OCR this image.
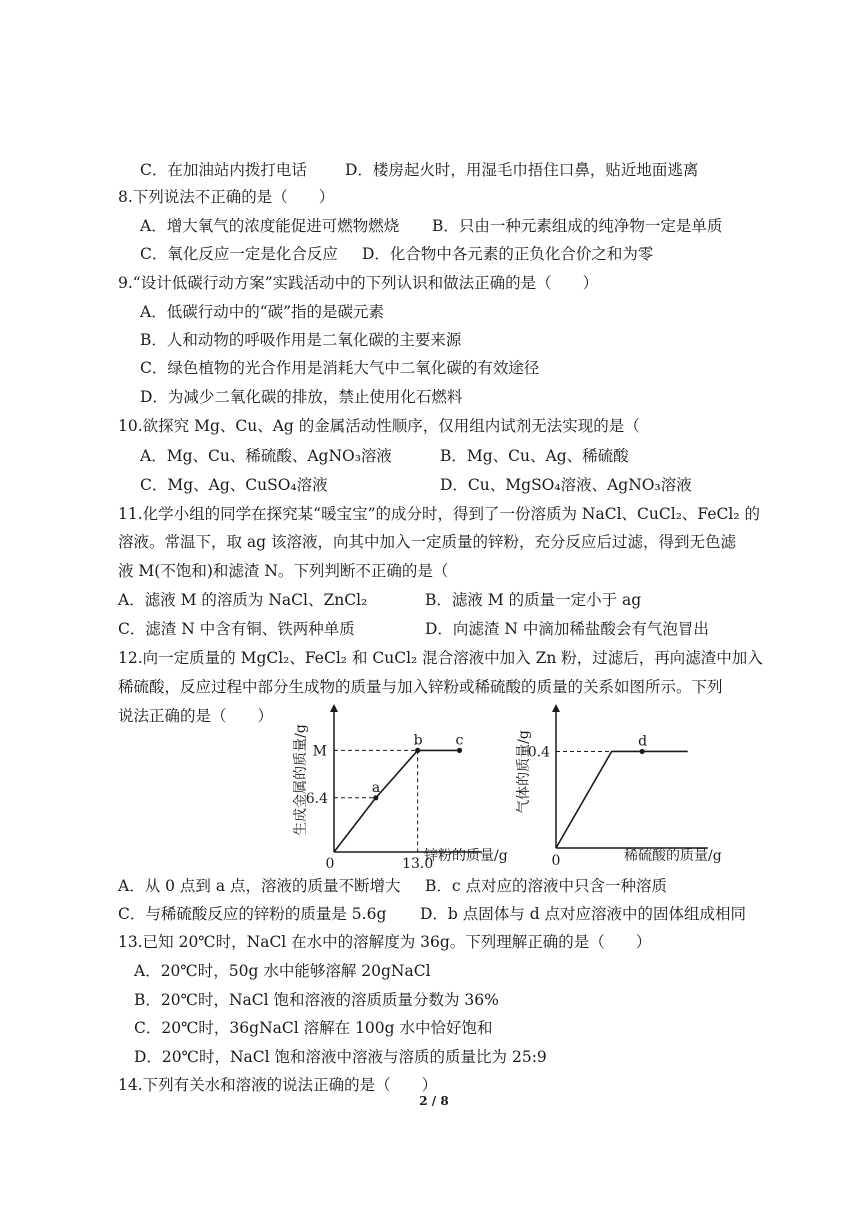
C．在加油站内拨打电话 D．楼房起火时，用湿毛巾捂住口鼻，贴近地面逃离
8.下列说法不正确的是（　　）
A．增大氧气的浓度能促进可燃物燃烧 B．只由一种元素组成的纯净物一定是单质
C．氧化反应一定是化合反应 D．化合物中各元素的正负化合价之和为零
9.“设计低碳行动方案”实践活动中的下列认识和做法正确的是（　　）
A．低碳行动中的“碳”指的是碳元素
B．人和动物的呼吸作用是二氧化碳的主要来源
C．绿色植物的光合作用是消耗大气中二氧化碳的有效途径
D．为减少二氧化碳的排放，禁止使用化石燃料
10.欲探究 Mg、Cu、Ag 的金属活动性顺序，仅用组内试剂无法实现的是（
A．Mg、Cu、稀硫酸、AgNO₃溶液	B．Mg、Cu、Ag、稀硫酸
C．Mg、Ag、CuSO₄溶液	D．Cu、MgSO₄溶液、AgNO₃溶液
11.化学小组的同学在探究某“暖宝宝”的成分时，得到了一份溶质为 NaCl、CuCl₂、FeCl₂ 的
溶液。常温下，取 ag 该溶液，向其中加入一定质量的锌粉，充分反应后过滤，得到无色滤
液 M(不饱和)和滤渣 N。下列判断不正确的是（
A．滤液 M 的溶质为 NaCl、ZnCl₂	B．滤液 M 的质量一定小于 ag
C．滤渣 N 中含有铜、铁两种单质	D．向滤渣 N 中滴加稀盐酸会有气泡冒出
12.向一定质量的 MgCl₂、FeCl₂ 和 CuCl₂ 混合溶液中加入 Zn 粉，过滤后，再向滤渣中加入
稀硫酸，反应过程中部分生成物的质量与加入锌粉或稀硫酸的质量的关系如图所示。下列
说法正确的是（　　）
a
b c
M
6.4
13.0
生成金属的质量/g
0	锌粉的质量/g
d
0.4
气体的质量/g
0	稀硫酸的质量/g
A．从 0 点到 a 点，溶液的质量不断增大 B．c 点对应的溶液中只含一种溶质
C．与稀硫酸反应的锌粉的质量是 5.6g D．b 点固体与 d 点对应溶液中的固体组成相同
13.已知 20℃时，NaCl 在水中的溶解度为 36g。下列理解正确的是（　　）
A．20℃时，50g 水中能够溶解 20gNaCl
B．20℃时，NaCl 饱和溶液的溶质质量分数为 36%
C．20℃时，36gNaCl 溶解在 100g 水中恰好饱和
D．20℃时，NaCl 饱和溶液中溶液与溶质的质量比为 25:9
14.下列有关水和溶液的说法正确的是（　　）
2 / 8
